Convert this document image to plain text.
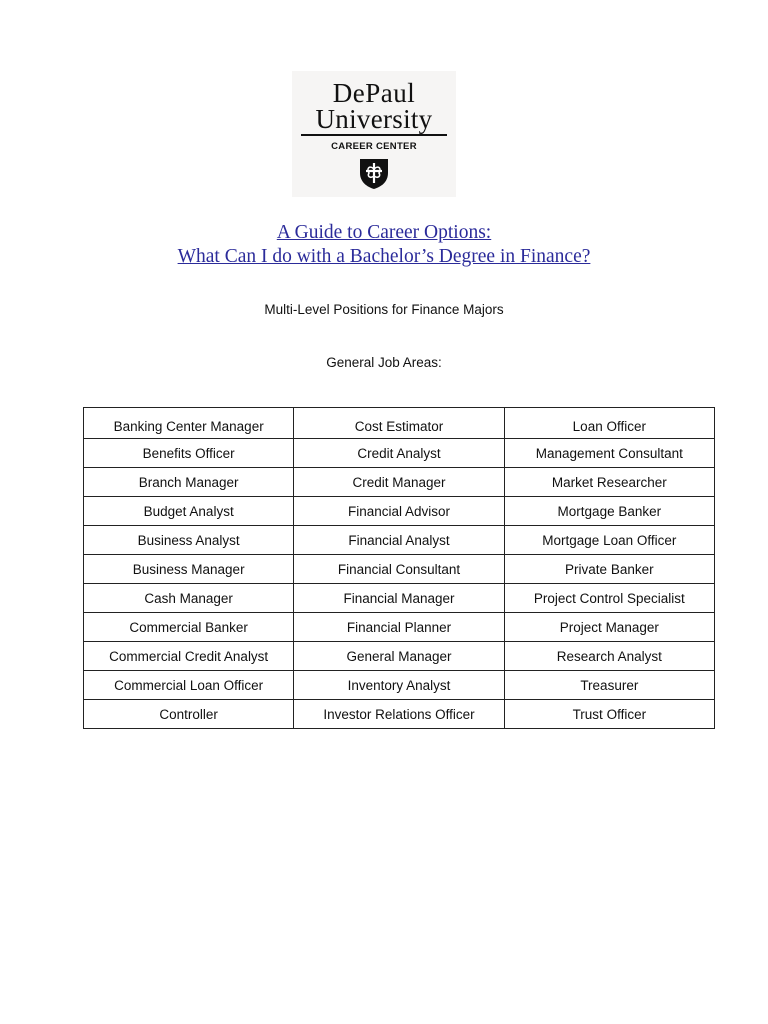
DePaul
University
CAREER CENTER
A Guide to Career Options:
What Can I do with a Bachelor’s Degree in Finance?
Multi-Level Positions for Finance Majors
General Job Areas:
Banking Center Manager	Cost Estimator	Loan Officer
Benefits Officer	Credit Analyst	Management Consultant
Branch Manager	Credit Manager	Market Researcher
Budget Analyst	Financial Advisor	Mortgage Banker
Business Analyst	Financial Analyst	Mortgage Loan Officer
Business Manager	Financial Consultant	Private Banker
Cash Manager	Financial Manager	Project Control Specialist
Commercial Banker	Financial Planner	Project Manager
Commercial Credit Analyst	General Manager	Research Analyst
Commercial Loan Officer	Inventory Analyst	Treasurer
Controller	Investor Relations Officer	Trust Officer
